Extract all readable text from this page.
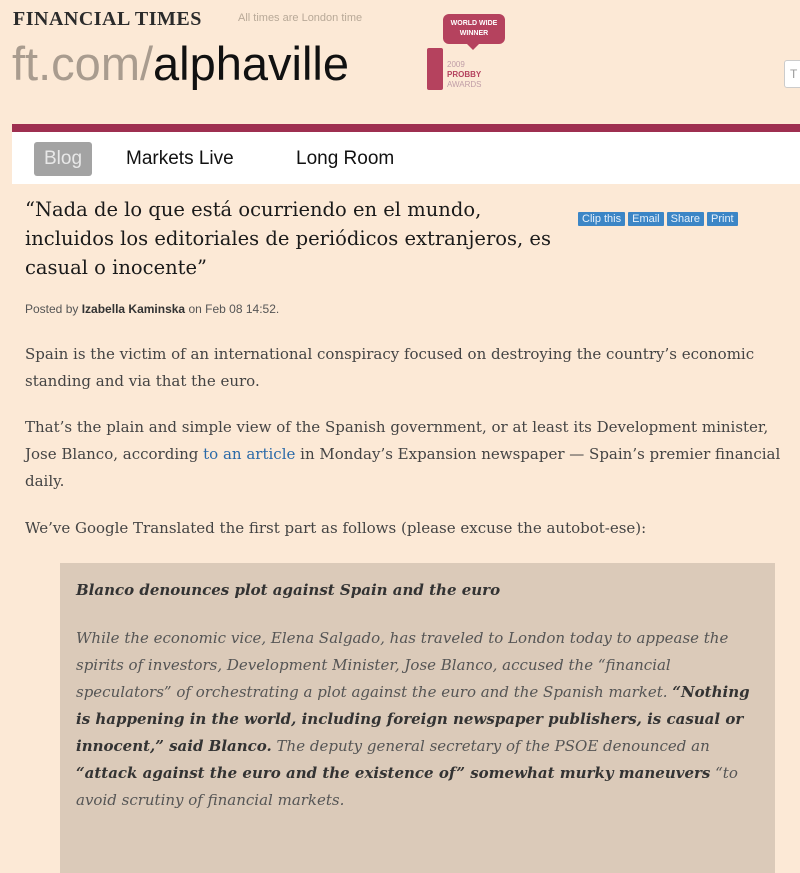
FINANCIAL TIMES	All times are London time
ft.com/alphaville
WORLD WIDE WINNER
2009
PROBBY
AWARDS
T
Blog	Markets Live	Long Room
“Nada de lo que está ocurriendo en el mundo, incluidos los editoriales de periódicos extranjeros, es casual o inocente”
Clip this Email Share Print
Posted by Izabella Kaminska on Feb 08 14:52.

Spain is the victim of an international conspiracy focused on destroying the country’s economic standing and via that the euro.

That’s the plain and simple view of the Spanish government, or at least its Development minister, Jose Blanco, according to an article in Monday’s Expansion newspaper — Spain’s premier financial daily.

We’ve Google Translated the first part as follows (please excuse the autobot-ese):

Blanco denounces plot against Spain and the euro

While the economic vice, Elena Salgado, has traveled to London today to appease the spirits of investors, Development Minister, Jose Blanco, accused the “financial speculators” of orchestrating a plot against the euro and the Spanish market. “Nothing is happening in the world, including foreign newspaper publishers, is casual or innocent,” said Blanco. The deputy general secretary of the PSOE denounced an “attack against the euro and the existence of” somewhat murky maneuvers “to avoid scrutiny of financial markets.
